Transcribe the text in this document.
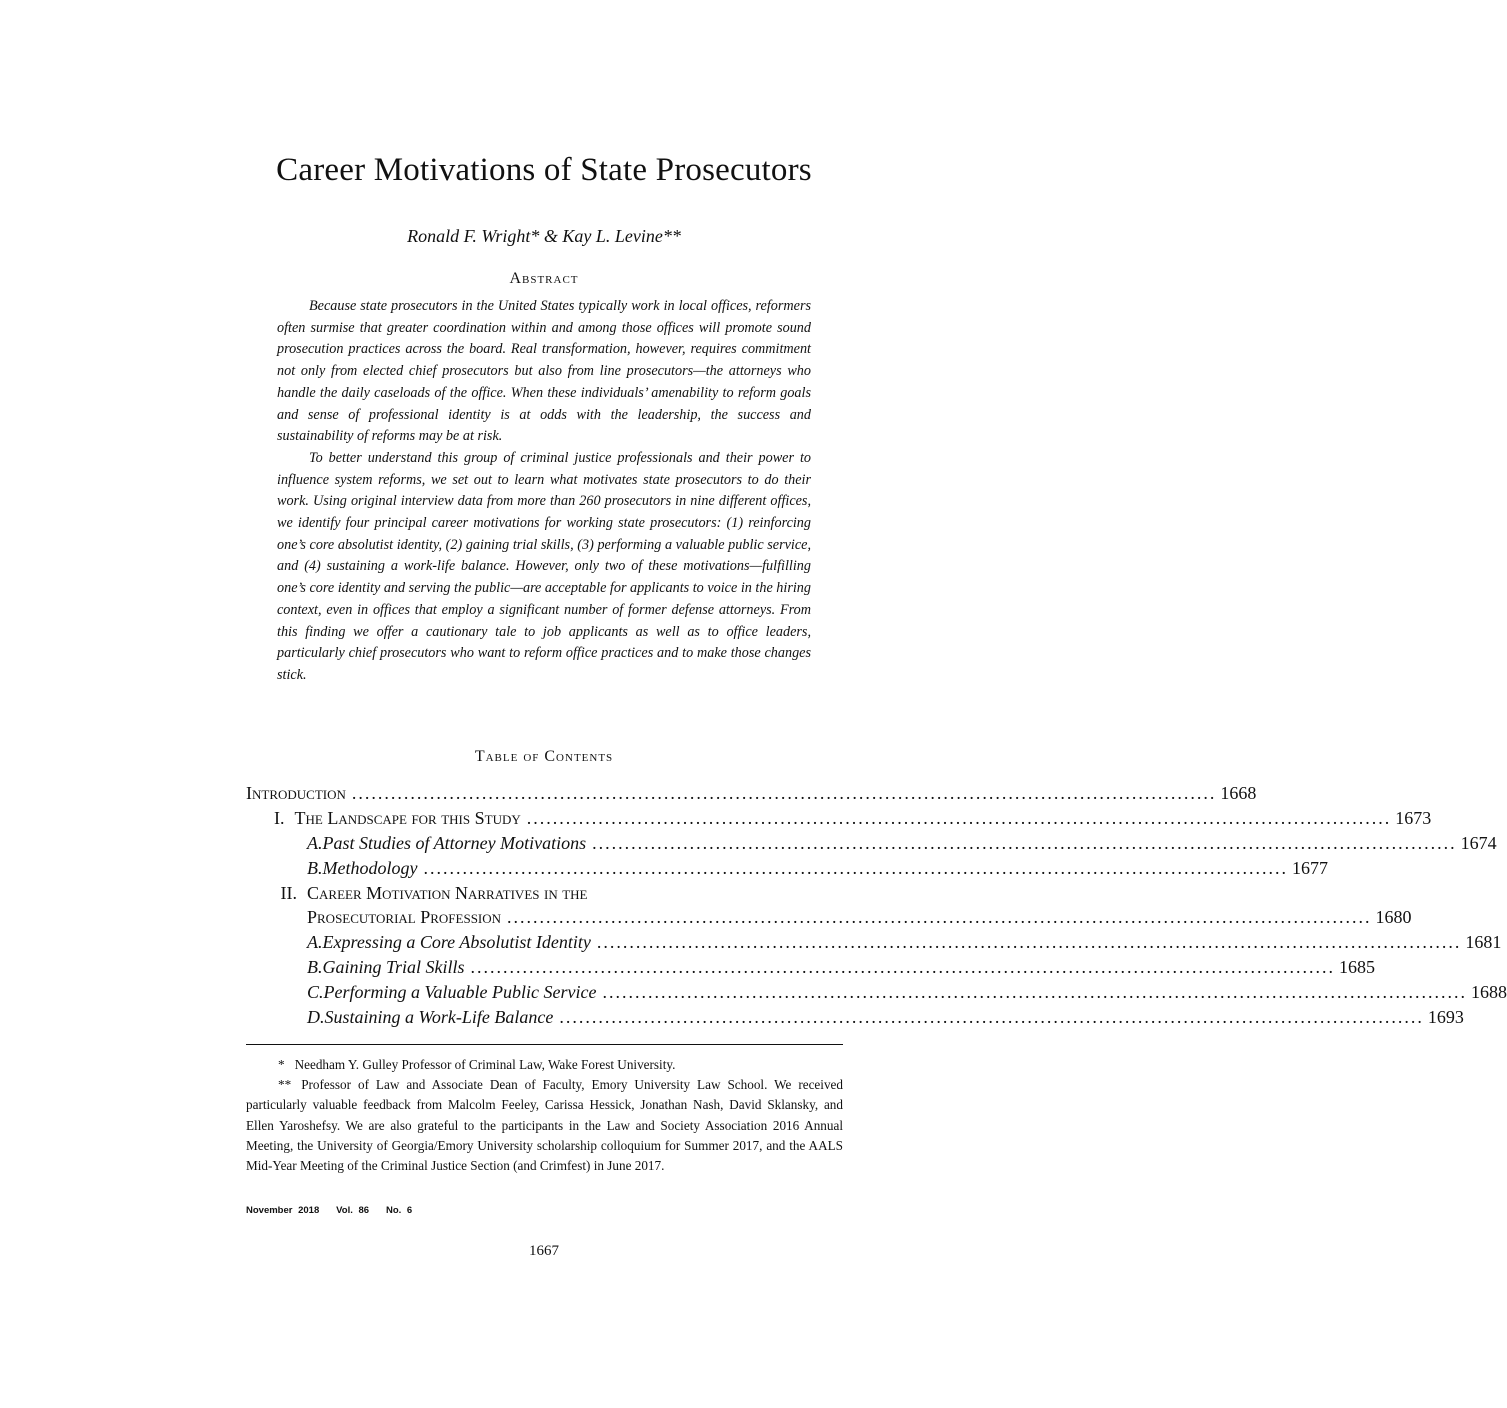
Career Motivations of State Prosecutors
Ronald F. Wright* & Kay L. Levine**
Abstract

Because state prosecutors in the United States typically work in local offices, reformers often surmise that greater coordination within and among those offices will promote sound prosecution practices across the board. Real transformation, however, requires commitment not only from elected chief prosecutors but also from line prosecutors—the attorneys who handle the daily caseloads of the office. When these individuals’ amenability to reform goals and sense of professional identity is at odds with the leadership, the success and sustainability of reforms may be at risk.

To better understand this group of criminal justice professionals and their power to influence system reforms, we set out to learn what motivates state prosecutors to do their work. Using original interview data from more than 260 prosecutors in nine different offices, we identify four principal career motivations for working state prosecutors: (1) reinforcing one’s core absolutist identity, (2) gaining trial skills, (3) performing a valuable public service, and (4) sustaining a work-life balance. However, only two of these motivations—fulfilling one’s core identity and serving the public—are acceptable for applicants to voice in the hiring context, even in offices that employ a significant number of former defense attorneys. From this finding we offer a cautionary tale to job applicants as well as to office leaders, particularly chief prosecutors who want to reform office practices and to make those changes stick.

Table of Contents
Introduction ..................................................................................................................................... 1668
I. The Landscape for this Study ..................................................................................................................................... 1673
A. Past Studies of Attorney Motivations ..................................................................................................................................... 1674
B. Methodology ..................................................................................................................................... 1677
II. Career Motivation Narratives in the
Prosecutorial Profession ..................................................................................................................................... 1680
A. Expressing a Core Absolutist Identity ..................................................................................................................................... 1681
B. Gaining Trial Skills ..................................................................................................................................... 1685
C. Performing a Valuable Public Service ..................................................................................................................................... 1688
D. Sustaining a Work-Life Balance ..................................................................................................................................... 1693

* Needham Y. Gulley Professor of Criminal Law, Wake Forest University.

** Professor of Law and Associate Dean of Faculty, Emory University Law School. We received particularly valuable feedback from Malcolm Feeley, Carissa Hessick, Jonathan Nash, David Sklansky, and Ellen Yaroshefsy. We are also grateful to the participants in the Law and Society Association 2016 Annual Meeting, the University of Georgia/Emory University scholarship colloquium for Summer 2017, and the AALS Mid-Year Meeting of the Criminal Justice Section (and Crimfest) in June 2017.

November 2018   Vol. 86   No. 6
1667
